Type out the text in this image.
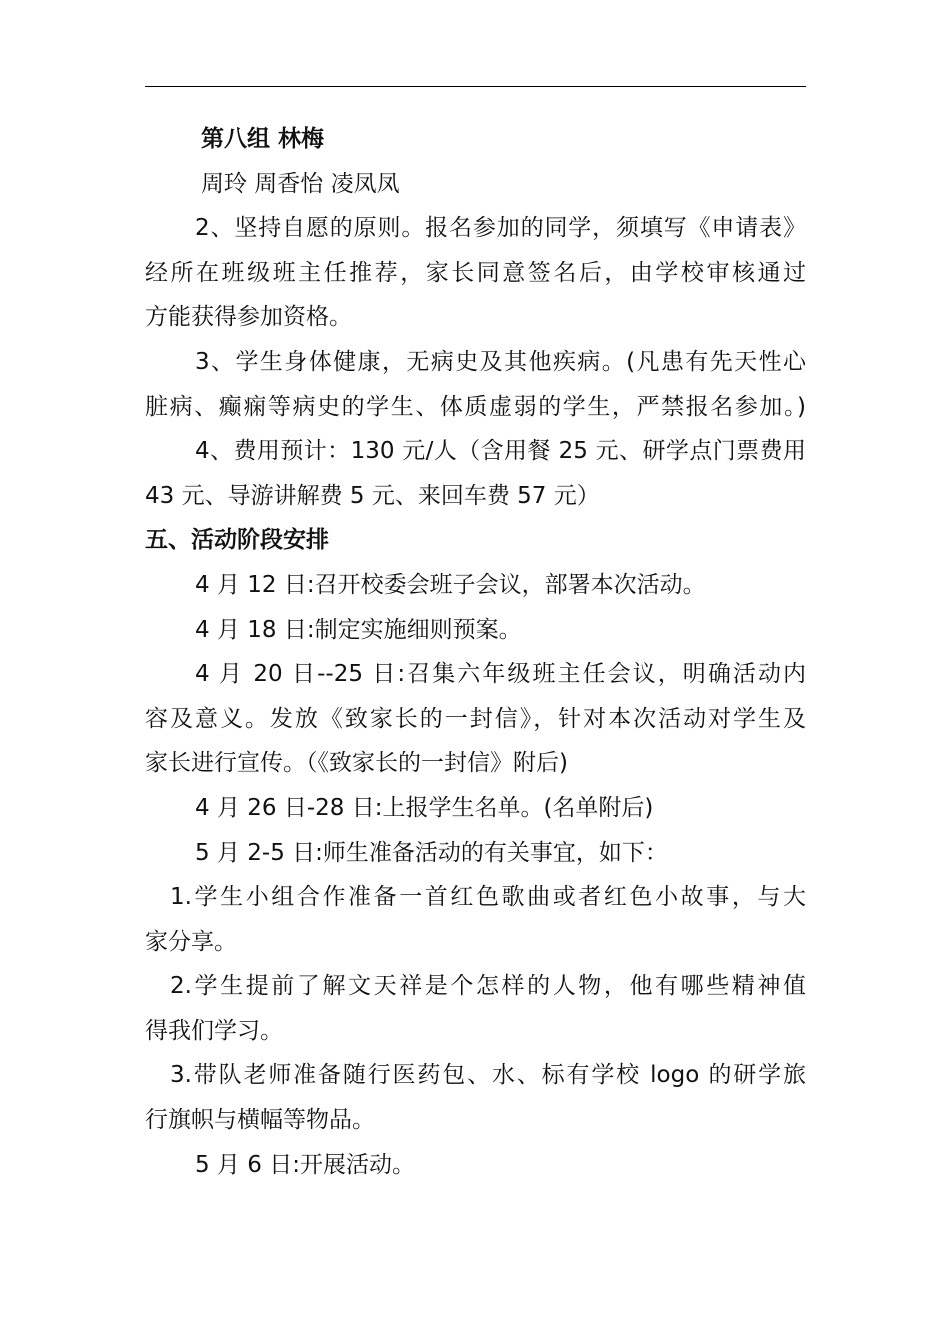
第八组 林梅
周玲 周香怡 凌凤凤
2、坚持自愿的原则。报名参加的同学，须填写《申请表》
经所在班级班主任推荐，家长同意签名后，由学校审核通过
方能获得参加资格。
3、学生身体健康，无病史及其他疾病。(凡患有先天性心
脏病、癫痫等病史的学生、体质虚弱的学生，严禁报名参加。)
4、费用预计：130 元/人（含用餐 25 元、研学点门票费用
43 元、导游讲解费 5 元、来回车费 57 元）
五、活动阶段安排
4 月 12 日:召开校委会班子会议，部署本次活动。
4 月 18 日:制定实施细则预案。
4 月 20 日--25 日:召集六年级班主任会议，明确活动内
容及意义。发放《致家长的一封信》，针对本次活动对学生及
家长进行宣传。（《致家长的一封信》附后)
4 月 26 日-28 日:上报学生名单。(名单附后)
5 月 2-5 日:师生准备活动的有关事宜，如下：
1.学生小组合作准备一首红色歌曲或者红色小故事，与大
家分享。
2.学生提前了解文天祥是个怎样的人物，他有哪些精神值
得我们学习。
3.带队老师准备随行医药包、水、标有学校 logo 的研学旅
行旗帜与横幅等物品。
5 月 6 日:开展活动。
